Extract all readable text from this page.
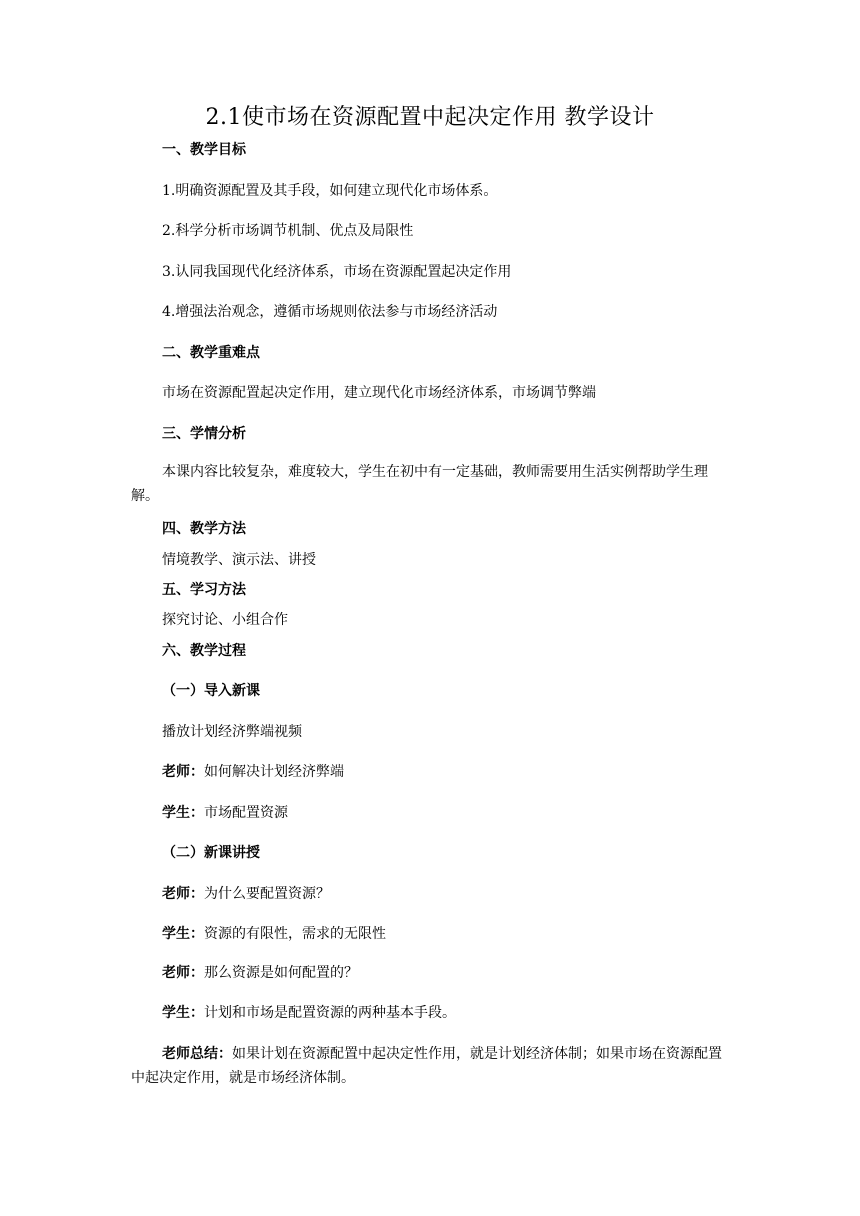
2.1使市场在资源配置中起决定作用 教学设计
一、教学目标
1.明确资源配置及其手段，如何建立现代化市场体系。
2.科学分析市场调节机制、优点及局限性
3.认同我国现代化经济体系，市场在资源配置起决定作用
4.增强法治观念，遵循市场规则依法参与市场经济活动
二、教学重难点
市场在资源配置起决定作用，建立现代化市场经济体系，市场调节弊端
三、学情分析
本课内容比较复杂，难度较大，学生在初中有一定基础，教师需要用生活实例帮助学生理解。
四、教学方法
情境教学、演示法、讲授
五、学习方法
探究讨论、小组合作
六、教学过程
（一）导入新课
播放计划经济弊端视频
老师：如何解决计划经济弊端
学生：市场配置资源
（二）新课讲授
老师：为什么要配置资源？
学生：资源的有限性，需求的无限性
老师：那么资源是如何配置的？
学生：计划和市场是配置资源的两种基本手段。
老师总结：如果计划在资源配置中起决定性作用，就是计划经济体制；如果市场在资源配置中起决定作用，就是市场经济体制。
